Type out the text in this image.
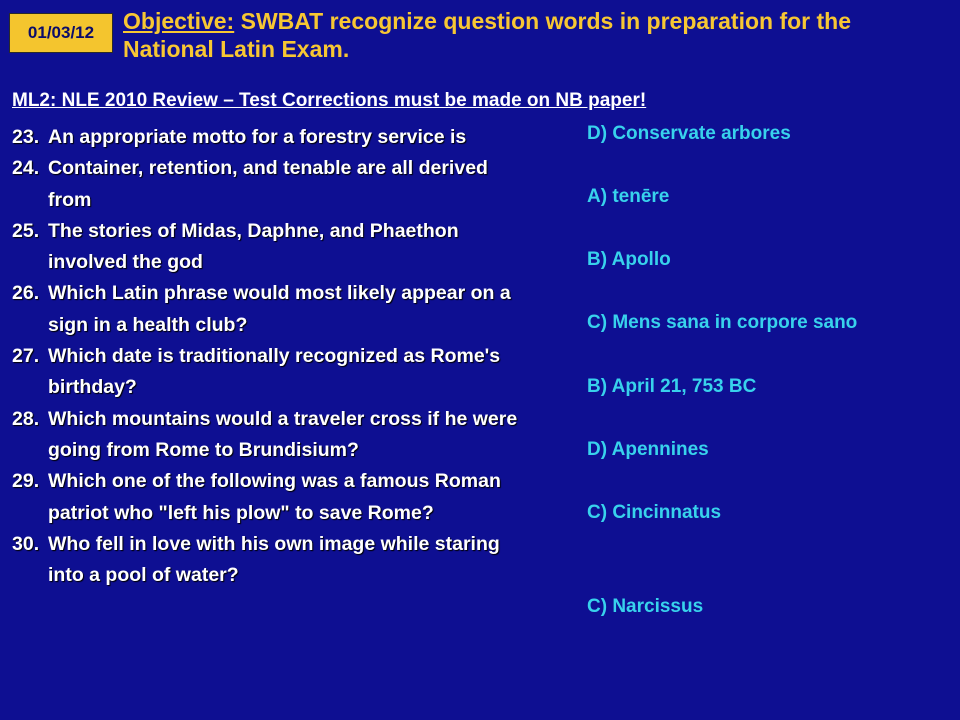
01/03/12 Objective: SWBAT recognize question words in preparation for the National Latin Exam.
ML2: NLE 2010 Review – Test Corrections must be made on NB paper!
23. An appropriate motto for a forestry service is
24. Container, retention, and tenable are all derived from
25. The stories of Midas, Daphne, and Phaethon involved the god
26. Which Latin phrase would most likely appear on a sign in a health club?
27. Which date is traditionally recognized as Rome's birthday?
28. Which mountains would a traveler cross if he were going from Rome to Brundisium?
29. Which one of the following was a famous Roman patriot who "left his plow" to save Rome?
30. Who fell in love with his own image while staring into a pool of water?
D) Conservate arbores
A) tenēre
B) Apollo
C) Mens sana in corpore sano
B) April 21, 753 BC
D) Apennines
C) Cincinnatus
C) Narcissus
